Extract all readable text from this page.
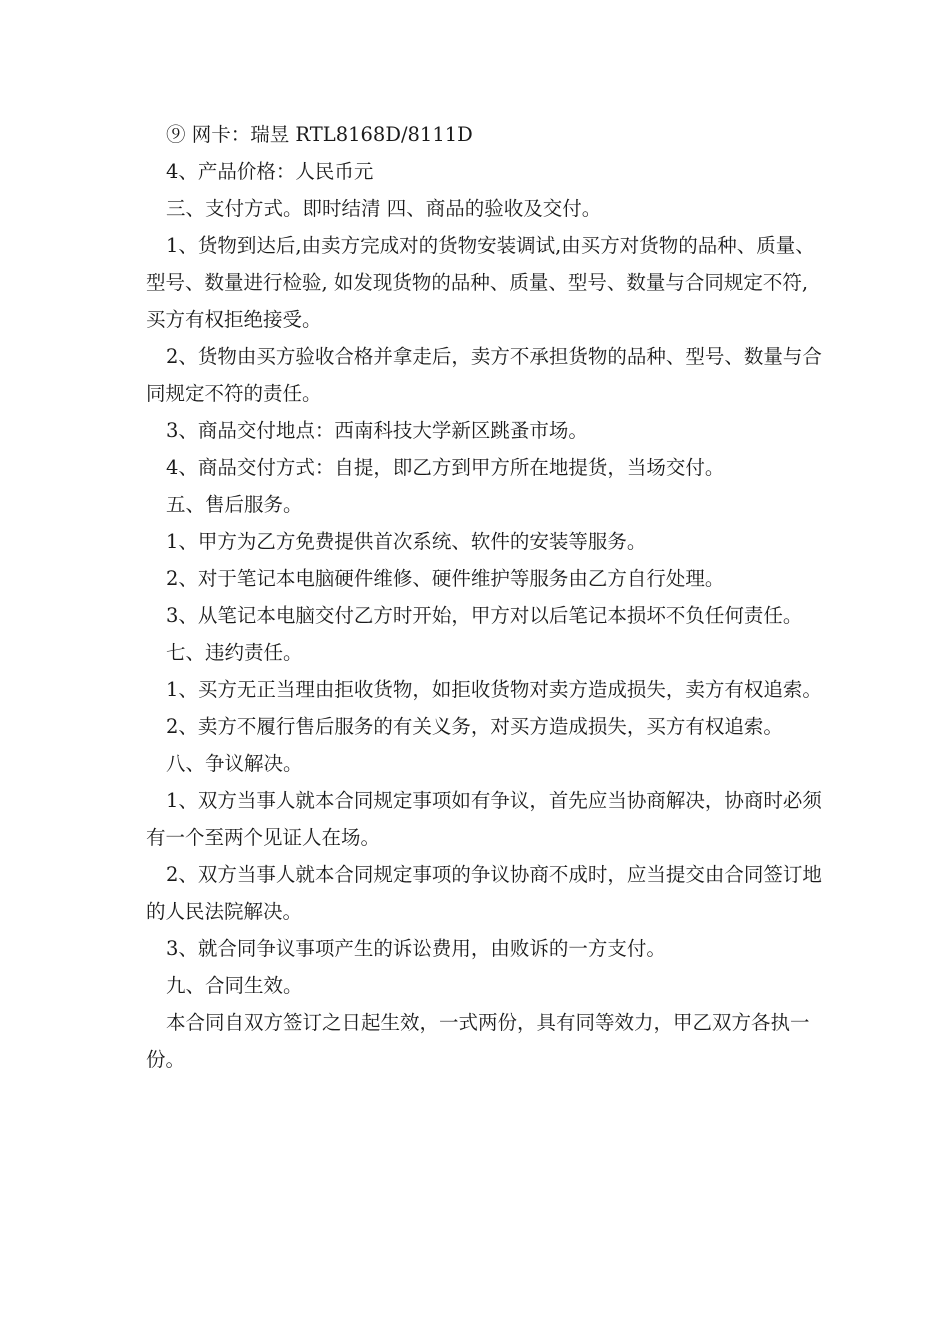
⑨ 网卡：瑞昱 RTL8168D/8111D

4、产品价格：人民币元

三、支付方式。即时结清 四、商品的验收及交付。

1、货物到达后,由卖方完成对的货物安装调试,由买方对货物的品种、质量、型号、数量进行检验, 如发现货物的品种、质量、型号、数量与合同规定不符,买方有权拒绝接受。

2、货物由买方验收合格并拿走后，卖方不承担货物的品种、型号、数量与合同规定不符的责任。

3、商品交付地点：西南科技大学新区跳蚤市场。

4、商品交付方式：自提，即乙方到甲方所在地提货，当场交付。

五、售后服务。

1、甲方为乙方免费提供首次系统、软件的安装等服务。

2、对于笔记本电脑硬件维修、硬件维护等服务由乙方自行处理。

3、从笔记本电脑交付乙方时开始，甲方对以后笔记本损坏不负任何责任。

七、违约责任。

1、买方无正当理由拒收货物，如拒收货物对卖方造成损失，卖方有权追索。

2、卖方不履行售后服务的有关义务，对买方造成损失，买方有权追索。

八、争议解决。

1、双方当事人就本合同规定事项如有争议，首先应当协商解决，协商时必须有一个至两个见证人在场。

2、双方当事人就本合同规定事项的争议协商不成时，应当提交由合同签订地的人民法院解决。

3、就合同争议事项产生的诉讼费用，由败诉的一方支付。

九、合同生效。

本合同自双方签订之日起生效，一式两份，具有同等效力，甲乙双方各执一份。
